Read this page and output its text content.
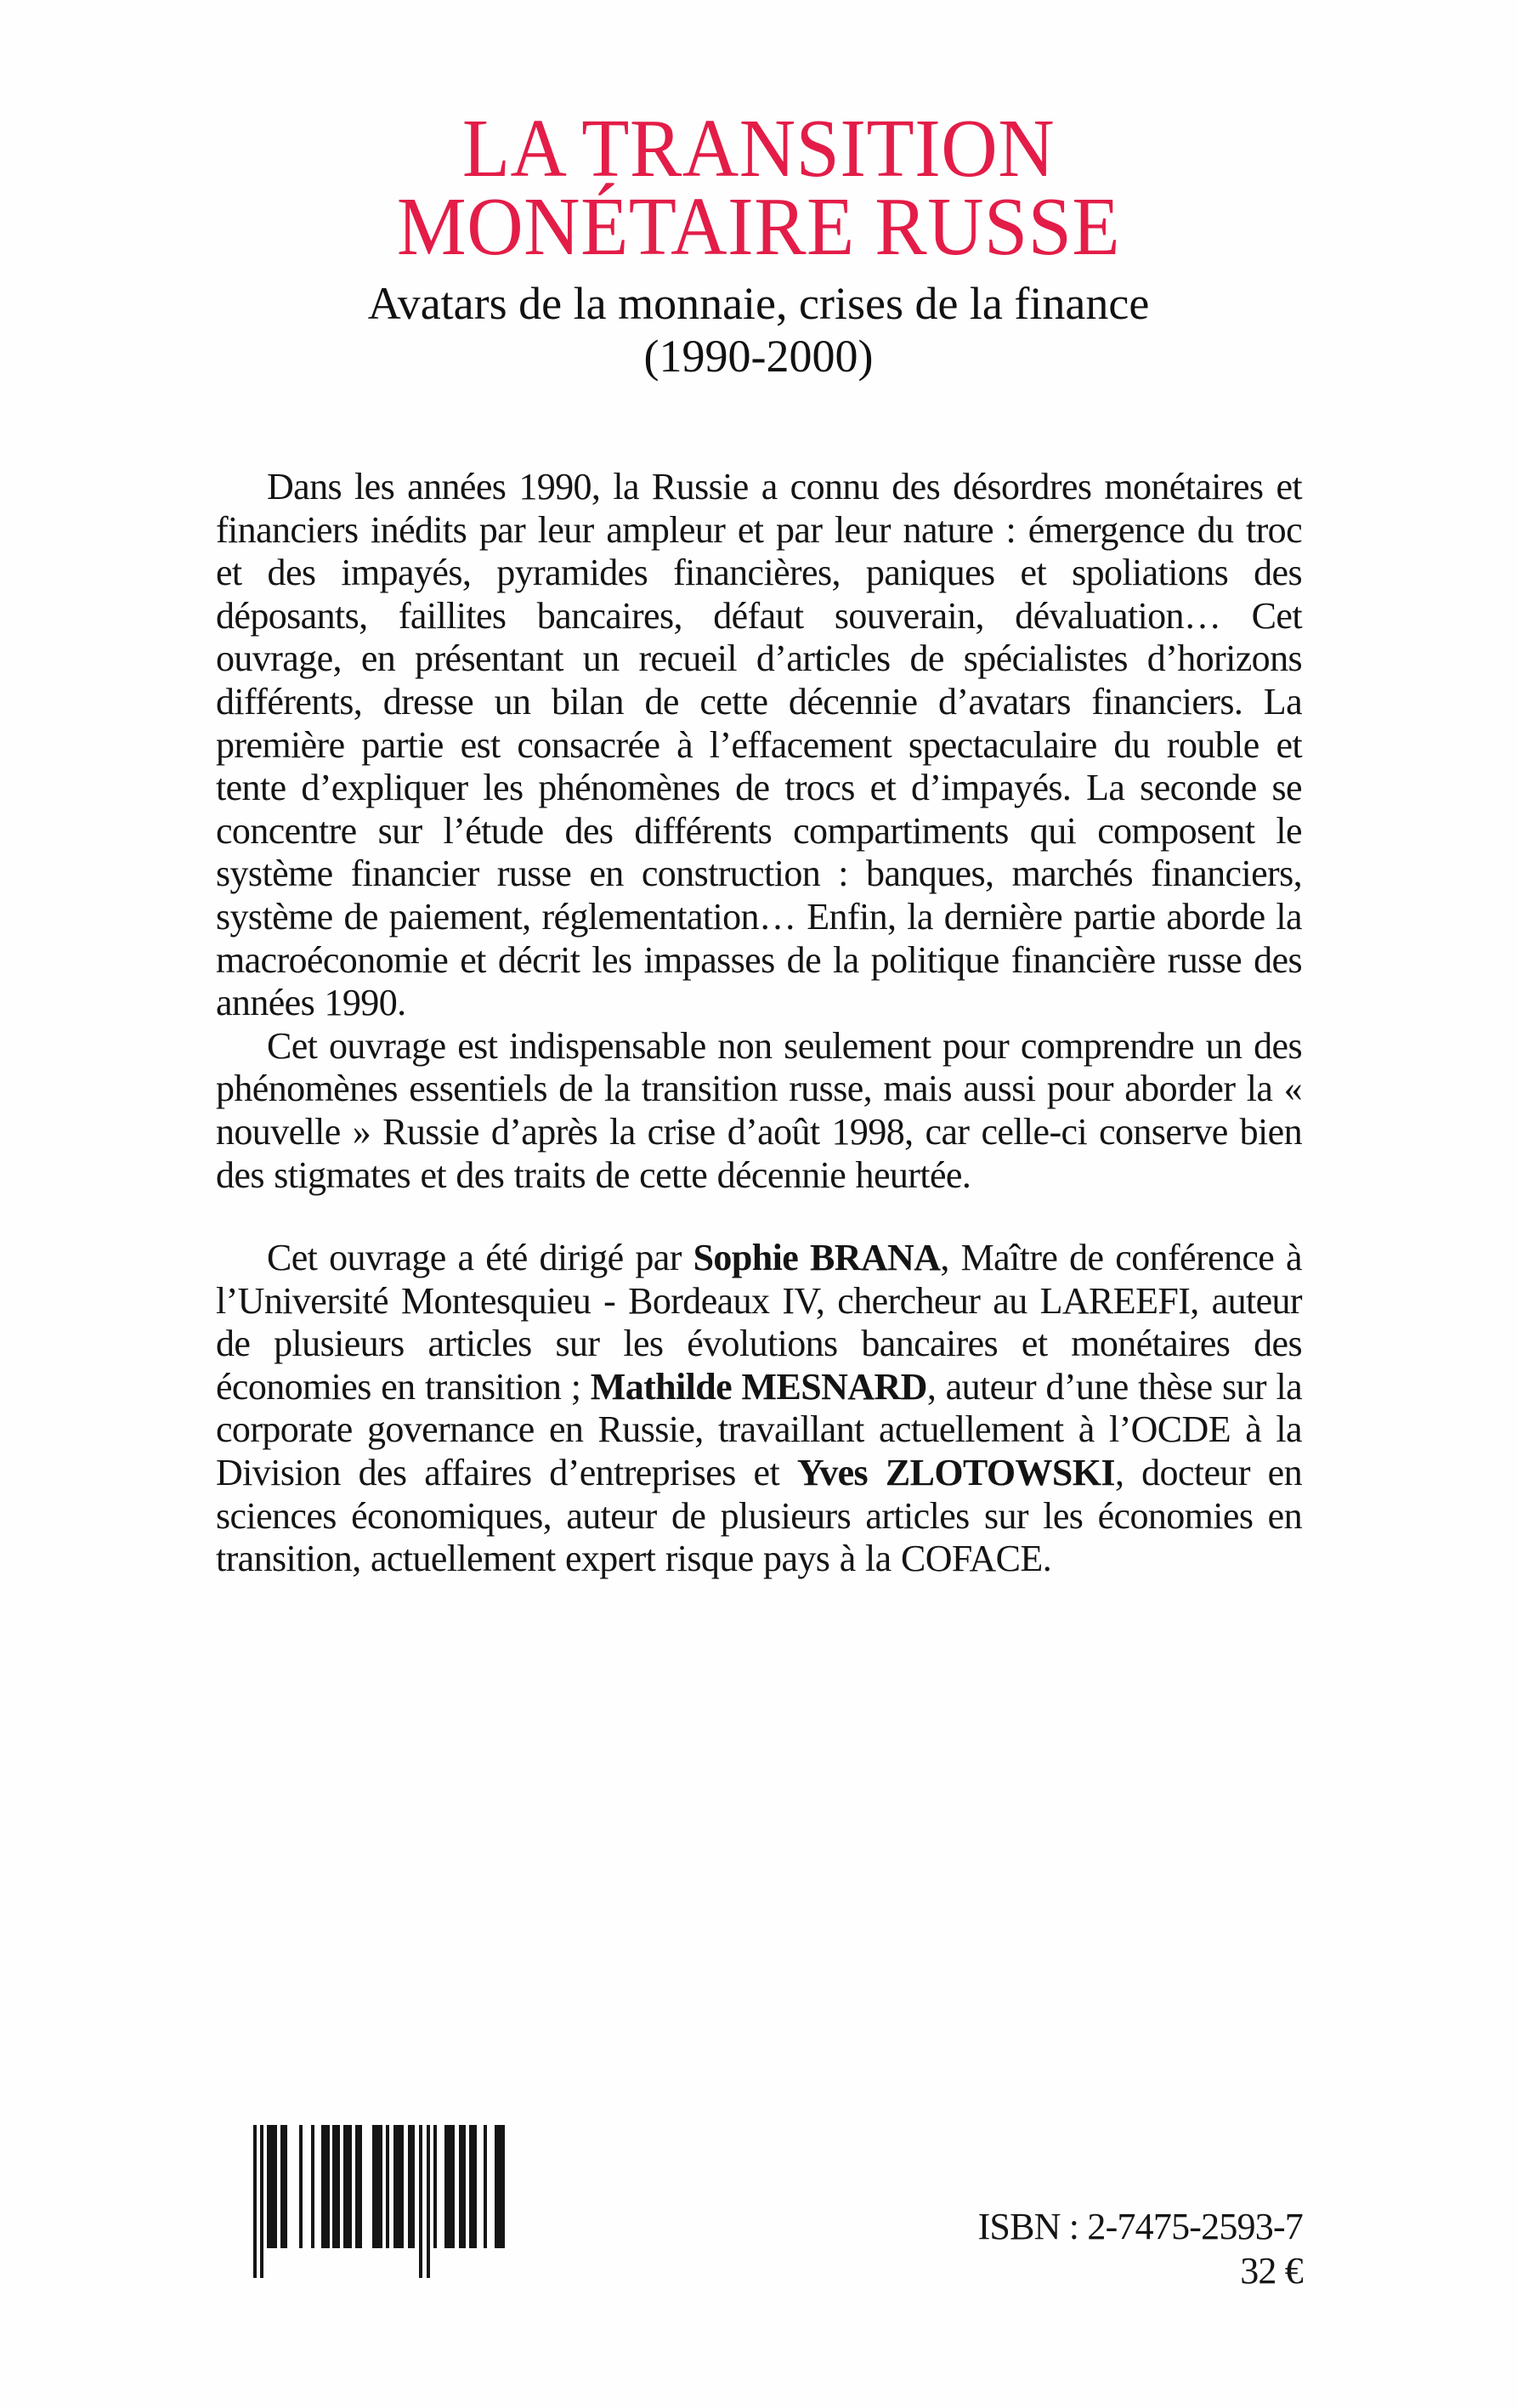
LA TRANSITION
MONÉTAIRE RUSSE
Avatars de la monnaie, crises de la finance
(1990-2000)

Dans les années 1990, la Russie a connu des désordres monétaires et financiers inédits par leur ampleur et par leur nature : émergence du troc et des impayés, pyramides financières, paniques et spoliations des déposants, faillites bancaires, défaut souverain, dévaluation… Cet ouvrage, en présentant un recueil d’articles de spécialistes d’horizons différents, dresse un bilan de cette décennie d’avatars financiers. La première partie est consacrée à l’effacement spectaculaire du rouble et tente d’expliquer les phénomènes de trocs et d’impayés. La seconde se concentre sur l’étude des différents compartiments qui composent le système financier russe en construction : banques, marchés financiers, système de paiement, réglementation… Enfin, la dernière partie aborde la macroéconomie et décrit les impasses de la politique financière russe des années 1990.

Cet ouvrage est indispensable non seulement pour comprendre un des phénomènes essentiels de la transition russe, mais aussi pour aborder la « nouvelle » Russie d’après la crise d’août 1998, car celle-ci conserve bien des stigmates et des traits de cette décennie heurtée.

Cet ouvrage a été dirigé par Sophie BRANA, Maître de conférence à l’Université Montesquieu - Bordeaux IV, chercheur au LAREEFI, auteur de plusieurs articles sur les évolutions bancaires et monétaires des économies en transition ; Mathilde MESNARD, auteur d’une thèse sur la corporate governance en Russie, travaillant actuellement à l’OCDE à la Division des affaires d’entreprises et Yves ZLOTOWSKI, docteur en sciences économiques, auteur de plusieurs articles sur les économies en transition, actuellement expert risque pays à la COFACE.

ISBN : 2-7475-2593-7
32 €
